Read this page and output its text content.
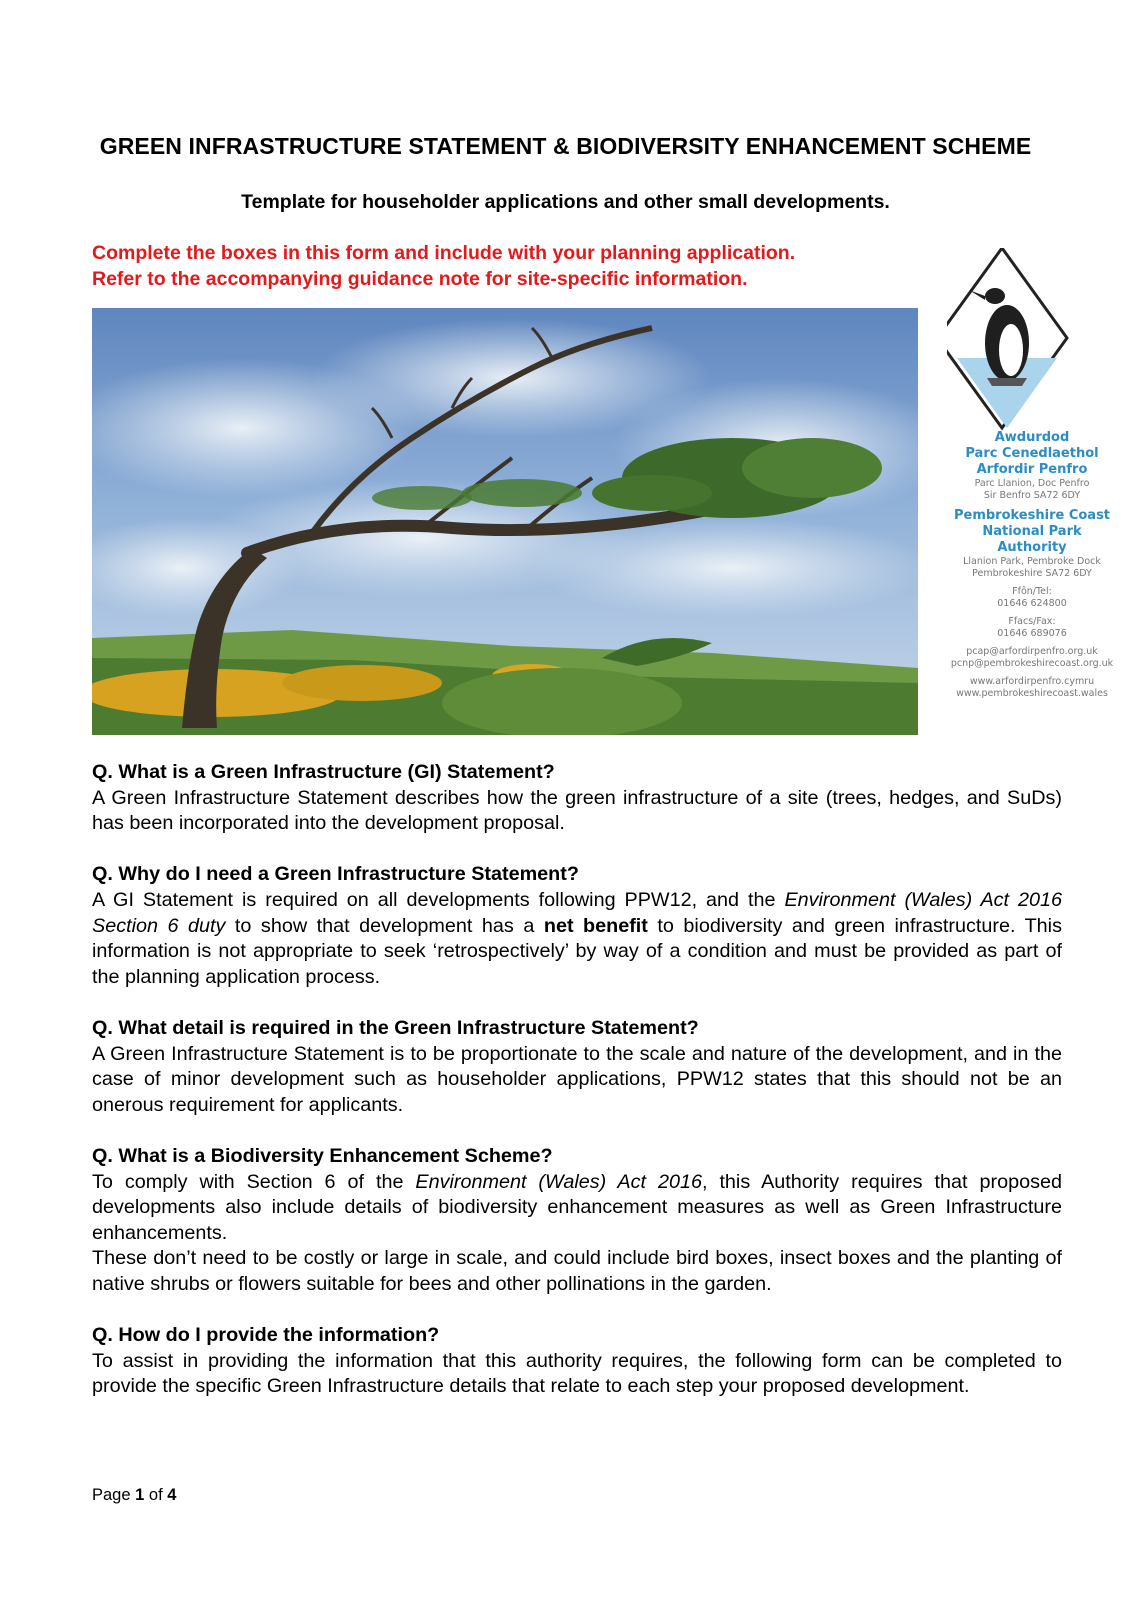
GREEN INFRASTRUCTURE STATEMENT & BIODIVERSITY ENHANCEMENT SCHEME
Template for householder applications and other small developments.
Complete the boxes in this form and include with your planning application.
Refer to the accompanying guidance note for site-specific information.
Awdurdod
Parc Cenedlaethol
Arfordir Penfro
Parc Llanion, Doc Penfro
Sir Benfro SA72 6DY
Pembrokeshire Coast
National Park
Authority
Llanion Park, Pembroke Dock
Pembrokeshire SA72 6DY
Ffôn/Tel:
01646 624800
Ffacs/Fax:
01646 689076
pcap@arfordirpenfro.org.uk
pcnp@pembrokeshirecoast.org.uk
www.arfordirpenfro.cymru
www.pembrokeshirecoast.wales
Q. What is a Green Infrastructure (GI) Statement?
A Green Infrastructure Statement describes how the green infrastructure of a site (trees, hedges, and SuDs) has been incorporated into the development proposal.
Q. Why do I need a Green Infrastructure Statement?
A GI Statement is required on all developments following PPW12, and the Environment (Wales) Act 2016 Section 6 duty to show that development has a net benefit to biodiversity and green infrastructure. This information is not appropriate to seek ‘retrospectively’ by way of a condition and must be provided as part of the planning application process.
Q. What detail is required in the Green Infrastructure Statement?
A Green Infrastructure Statement is to be proportionate to the scale and nature of the development, and in the case of minor development such as householder applications, PPW12 states that this should not be an onerous requirement for applicants.
Q. What is a Biodiversity Enhancement Scheme?
To comply with Section 6 of the Environment (Wales) Act 2016, this Authority requires that proposed developments also include details of biodiversity enhancement measures as well as Green Infrastructure enhancements.
These don’t need to be costly or large in scale, and could include bird boxes, insect boxes and the planting of native shrubs or flowers suitable for bees and other pollinations in the garden.
Q. How do I provide the information?
To assist in providing the information that this authority requires, the following form can be completed to provide the specific Green Infrastructure details that relate to each step your proposed development.
Page 1 of 4
